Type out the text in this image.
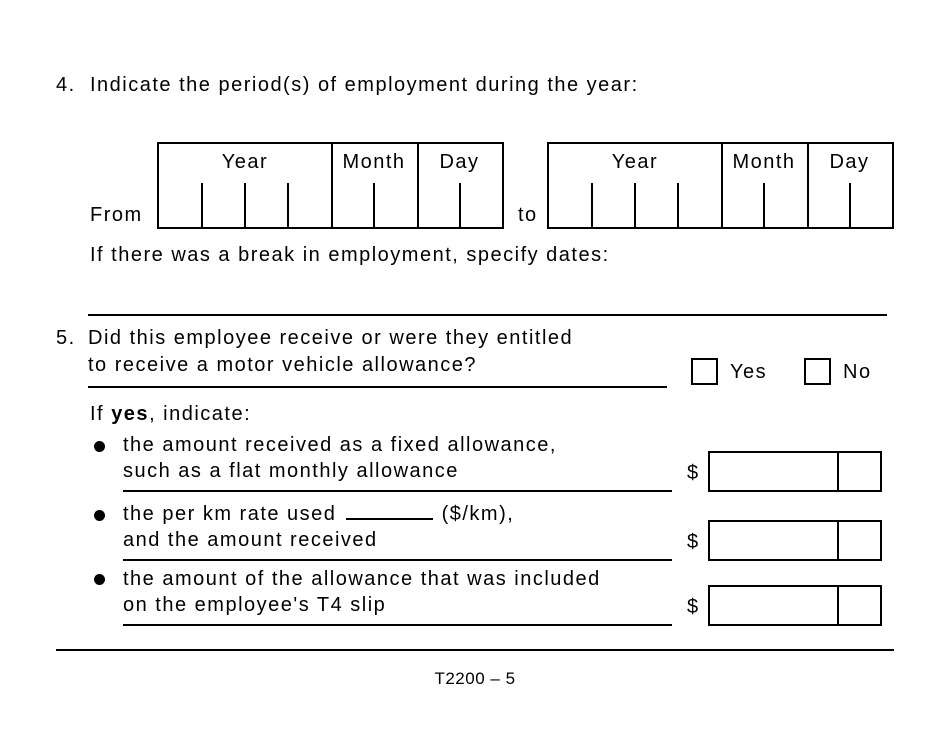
4. Indicate the period(s) of employment during the year:
From
Year	Month	Day
to
Year	Month	Day
If there was a break in employment, specify dates:
5. Did this employee receive or were they entitled
to receive a motor vehicle allowance?	Yes	No
If yes, indicate:
the amount received as a fixed allowance,
such as a flat monthly allowance	$
the per km rate used	($/km),
and the amount received	$
the amount of the allowance that was included
on the employee's T4 slip	$
T2200 – 5
